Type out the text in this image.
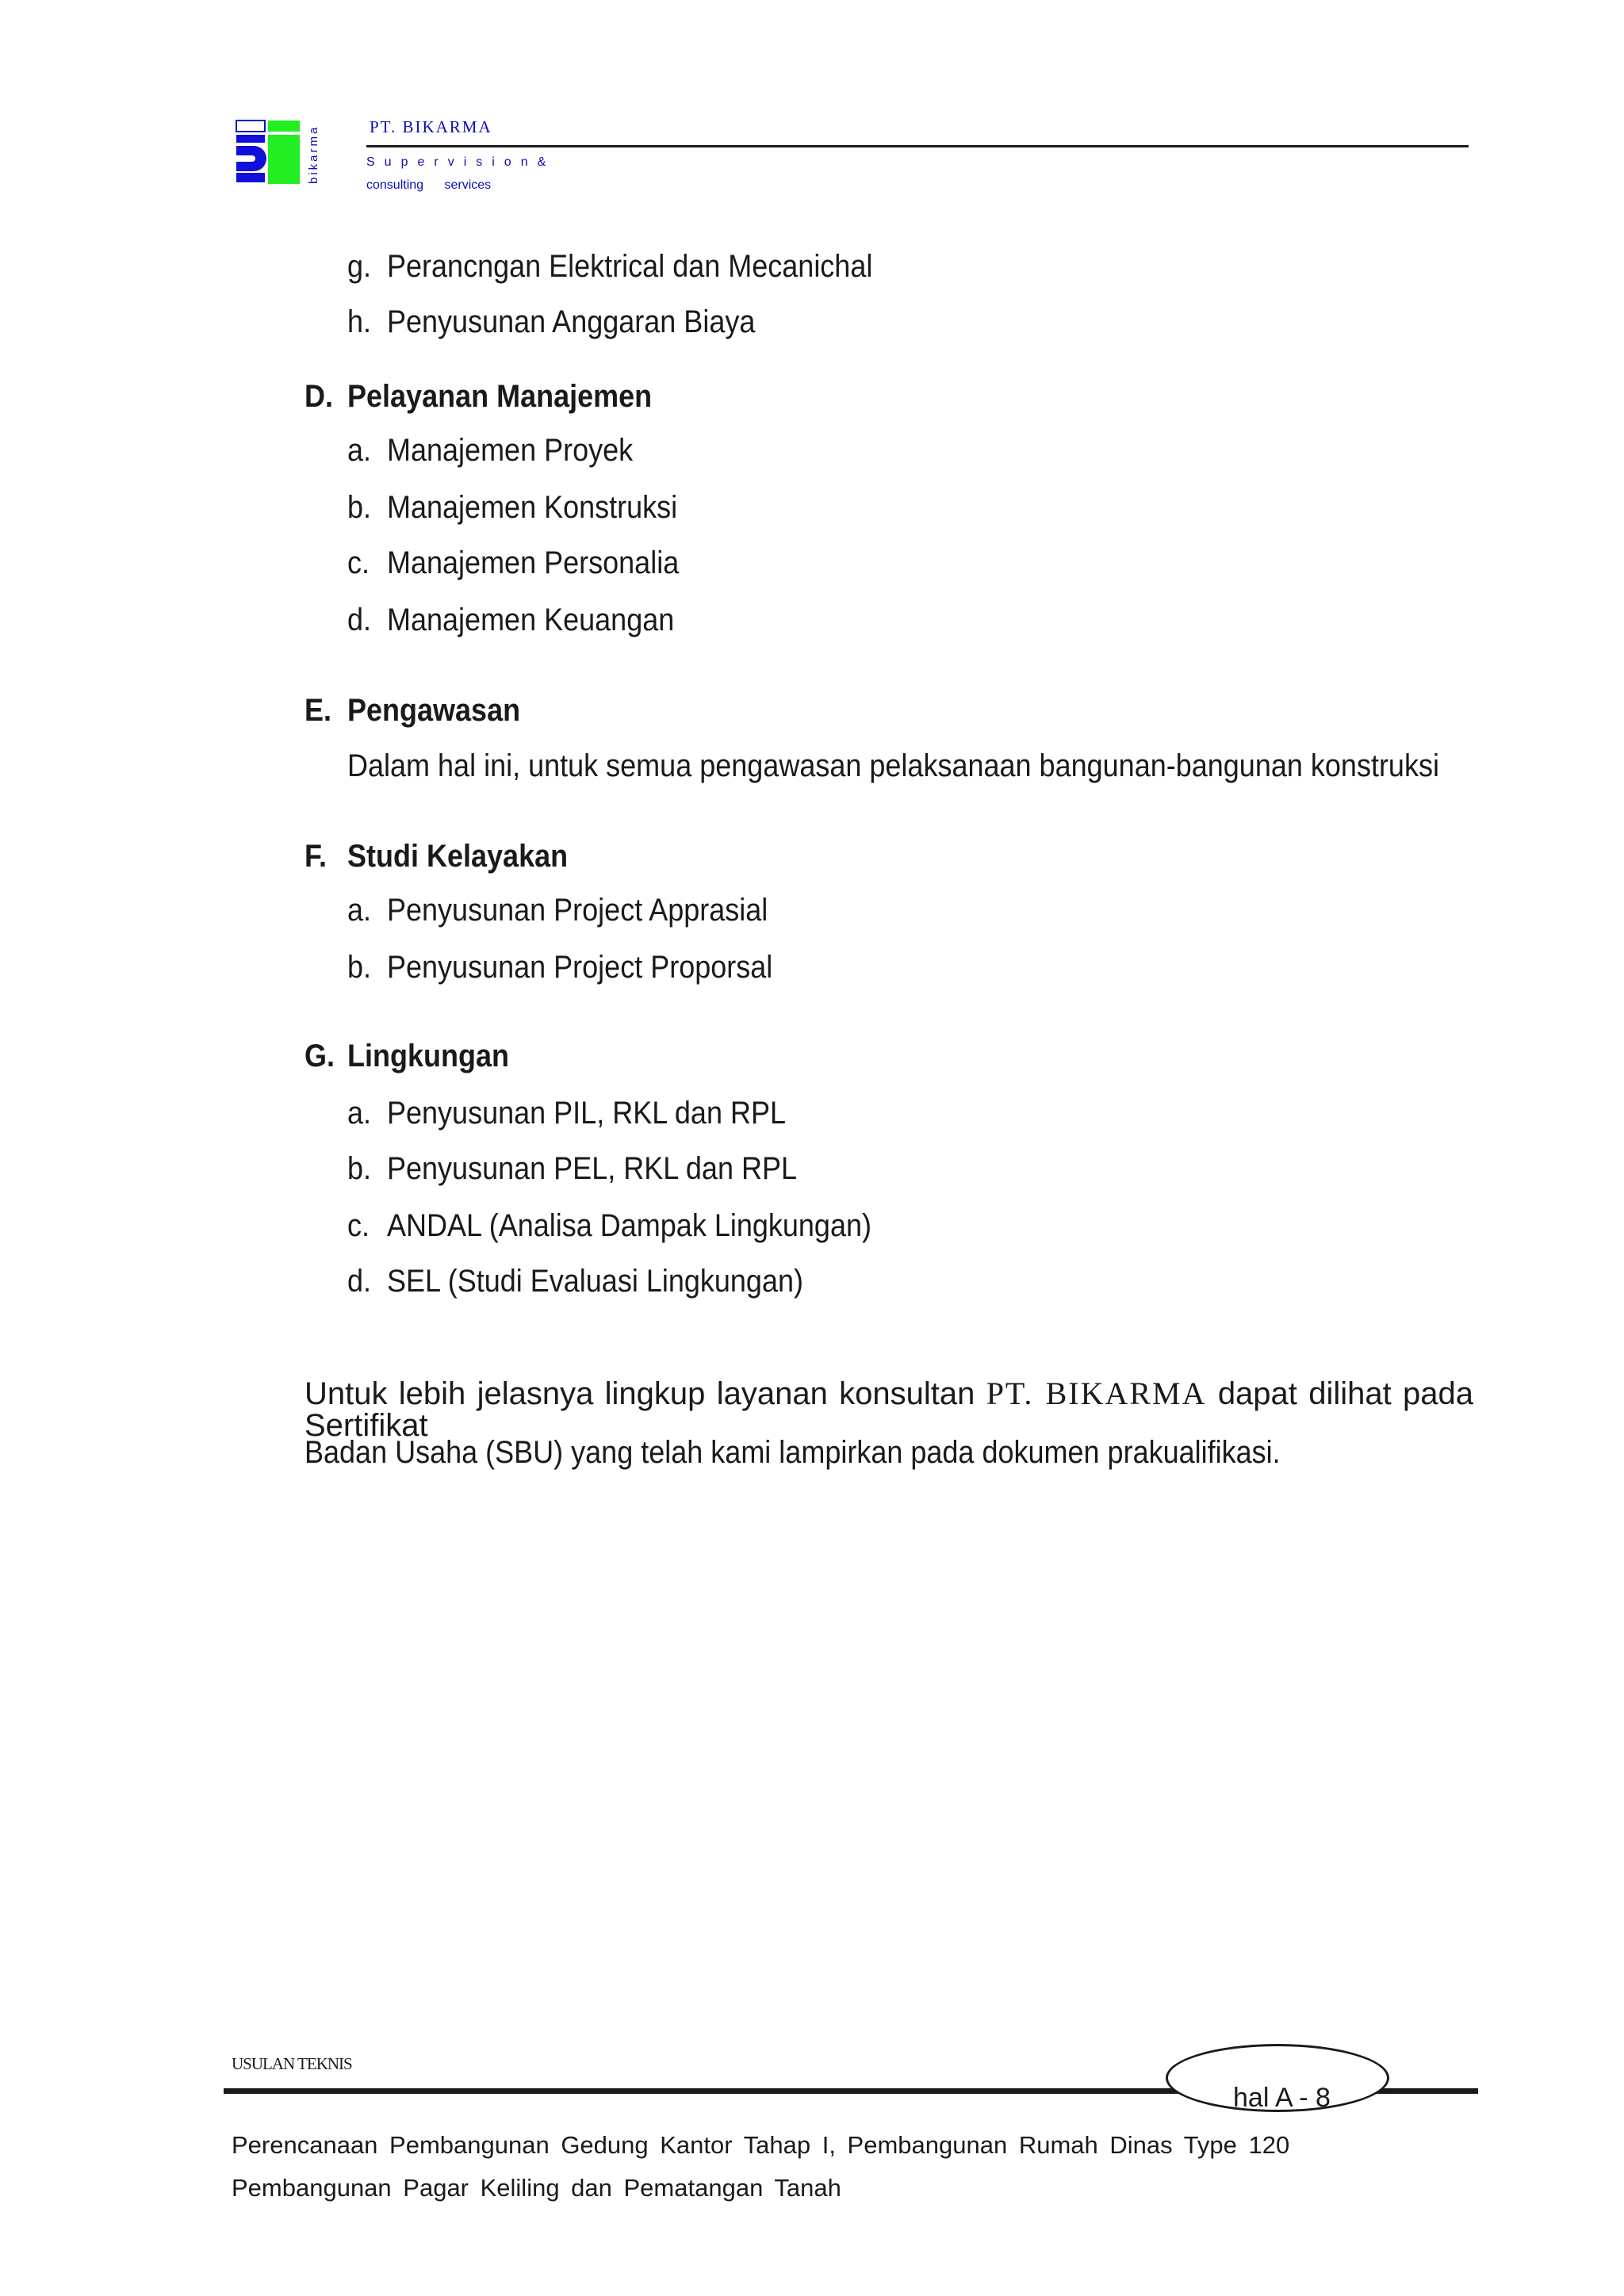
bikarma	PT. BIKARMA
Supervision&
consulting services
g. Perancngan Elektrical dan Mecanichal
h. Penyusunan Anggaran Biaya
D. Pelayanan Manajemen
a. Manajemen Proyek
b. Manajemen Konstruksi
c. Manajemen Personalia
d. Manajemen Keuangan
E. Pengawasan
Dalam hal ini, untuk semua pengawasan pelaksanaan bangunan-bangunan konstruksi
F. Studi Kelayakan
a. Penyusunan Project Apprasial
b. Penyusunan Project Proporsal
G. Lingkungan
a. Penyusunan PIL, RKL dan RPL
b. Penyusunan PEL, RKL dan RPL
c. ANDAL (Analisa Dampak Lingkungan)
d. SEL (Studi Evaluasi Lingkungan)
Untuk lebih jelasnya lingkup layanan konsultan PT. BIKARMA dapat dilihat pada Sertifikat
Badan Usaha (SBU) yang telah kami lampirkan pada dokumen prakualifikasi.
USULAN TEKNIS
hal A - 8
Perencanaan Pembangunan Gedung Kantor Tahap I, Pembangunan Rumah Dinas Type 120
Pembangunan Pagar Keliling dan Pematangan Tanah
